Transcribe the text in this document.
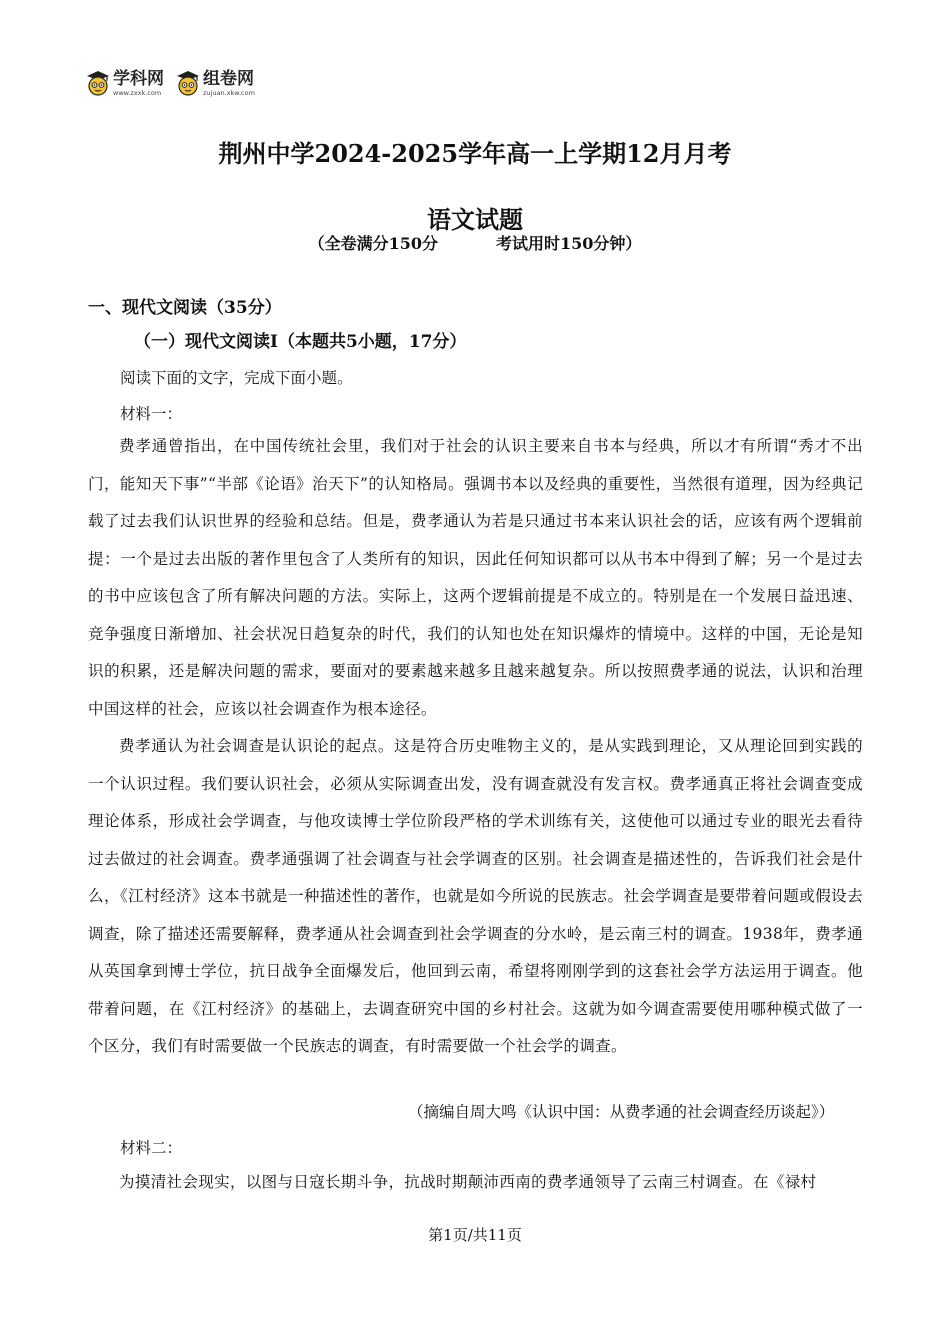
学科网
www.zxxk.com
组卷网
zujuan.xkw.com
荆州中学2024-2025学年高一上学期12月月考
语文试题
（全卷满分150分	考试用时150分钟）
一、现代文阅读（35分）
（一）现代文阅读Ⅰ（本题共5小题，17分）
阅读下面的文字，完成下面小题。
材料一：

费孝通曾指出，在中国传统社会里，我们对于社会的认识主要来自书本与经典，所以才有所谓“秀才不出门，能知天下事”“半部《论语》治天下”的认知格局。强调书本以及经典的重要性，当然很有道理，因为经典记载了过去我们认识世界的经验和总结。但是，费孝通认为若是只通过书本来认识社会的话，应该有两个逻辑前提：一个是过去出版的著作里包含了人类所有的知识，因此任何知识都可以从书本中得到了解；另一个是过去的书中应该包含了所有解决问题的方法。实际上，这两个逻辑前提是不成立的。特别是在一个发展日益迅速、竞争强度日渐增加、社会状况日趋复杂的时代，我们的认知也处在知识爆炸的情境中。这样的中国，无论是知识的积累，还是解决问题的需求，要面对的要素越来越多且越来越复杂。所以按照费孝通的说法，认识和治理中国这样的社会，应该以社会调查作为根本途径。

费孝通认为社会调查是认识论的起点。这是符合历史唯物主义的，是从实践到理论，又从理论回到实践的一个认识过程。我们要认识社会，必须从实际调查出发，没有调查就没有发言权。费孝通真正将社会调查变成理论体系，形成社会学调查，与他攻读博士学位阶段严格的学术训练有关，这使他可以通过专业的眼光去看待过去做过的社会调查。费孝通强调了社会调查与社会学调查的区别。社会调查是描述性的，告诉我们社会是什么，《江村经济》这本书就是一种描述性的著作，也就是如今所说的民族志。社会学调查是要带着问题或假设去调查，除了描述还需要解释，费孝通从社会调查到社会学调查的分水岭，是云南三村的调查。1938年，费孝通从英国拿到博士学位，抗日战争全面爆发后，他回到云南，希望将刚刚学到的这套社会学方法运用于调查。他带着问题，在《江村经济》的基础上，去调查研究中国的乡村社会。这就为如今调查需要使用哪种模式做了一个区分，我们有时需要做一个民族志的调查，有时需要做一个社会学的调查。

（摘编自周大鸣《认识中国：从费孝通的社会调查经历谈起》）
材料二：

为摸清社会现实，以图与日寇长期斗争，抗战时期颠沛西南的费孝通领导了云南三村调查。在《禄村

第1页/共11页
